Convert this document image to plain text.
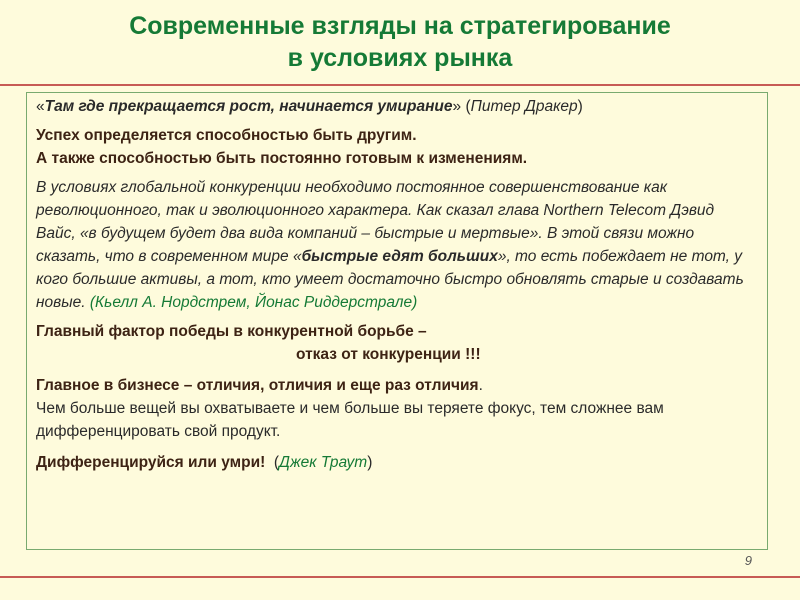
Современные взгляды на стратегирование
в условиях рынка

«Там где прекращается рост, начинается умирание» (Питер Дракер)

Успех определяется способностью быть другим.
А также способностью быть постоянно готовым к изменениям.

В условиях глобальной конкуренции необходимо постоянное совершенствование как революционного, так и эволюционного характера. Как сказал глава Northern Telecom Дэвид Вайс, «в будущем будет два вида компаний – быстрые и мертвые». В этой связи можно сказать, что в современном мире «быстрые едят больших», то есть побеждает не тот, у кого большие активы, а тот, кто умеет достаточно быстро обновлять старые и создавать новые. (Кьелл А. Нордстрем, Йонас Риддерстрале)

Главный фактор победы в конкурентной борьбе –

отказ от конкуренции !!!

Главное в бизнесе – отличия, отличия и еще раз отличия.
Чем больше вещей вы охватываете и чем больше вы теряете фокус, тем сложнее вам дифференцировать свой продукт.

Дифференцируйся или умри!  (Джек Траут)

9
